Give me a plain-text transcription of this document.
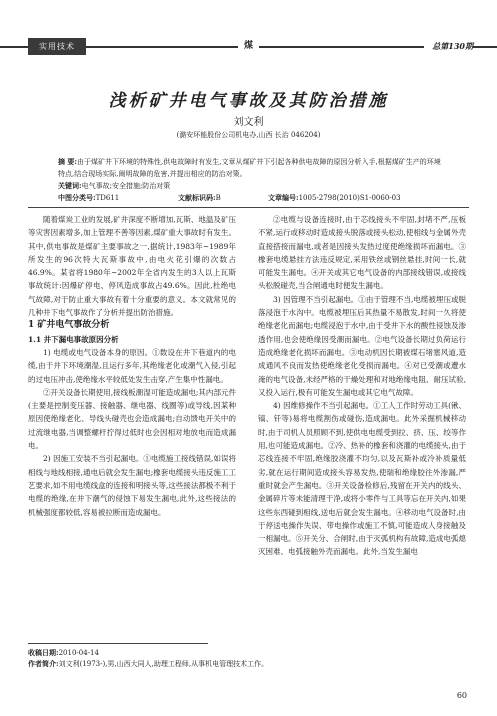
实用技术	煤	总第130期
浅析矿井电气事故及其防治措施
刘文利
(潞安环能股份公司机电办,山西 长治 046204)
摘 要:由于煤矿井下环境的特殊性,供电故障时有发生,文章从煤矿井下引起各种供电故障的原因分析入手,根据煤矿生产的环境特点,结合现场实际,阐明故障的危害,并提出相应的防治对策。
关键词:电气事故;安全措施;防治对策
中图分类号:TD611	文献标识码:B	文章编号:1005-2798(2010)S1-0060-03

随着煤炭工业的发展,矿井深度不断增加,瓦斯、地温及矿压等灾害因素增多,加上管理不善等因素,煤矿重大事故时有发生。其中,供电事故是煤矿主要事故之一,据统计,1983年~1989年所发生的96次特大瓦斯事故中,由电火花引爆的次数占46.9%。某省将1980年~2002年全省内发生的3人以上瓦斯事故统计:因爆矿停电、停风造成事故占49.6%。因此,杜绝电气故障,对于防止重大事故有着十分重要的意义。本文就常见的几种井下电气事故作了分析并提出防治措施。

1 矿井电气事故分析

1.1 井下漏电事故原因分析

1) 电缆或电气设备本身的原因。①数设在井下巷道内的电缆,由于井下环境潮湿,且运行多年,其绝缘老化或潮气入侵,引起的过电压冲击,使绝缘水平较低处发生击穿,产生集中性漏电。

②开关设备长期使用,接线板潮湿可能造成漏电;其内部元件(主要是控制变压器、接触器、继电器、线圈等)或导线,因某种原因使绝缘老化、导线头碰壳也会造成漏电;自动馈电开关中的过流继电器,当调整螺杆拧得过低时也会因相对地放电而造成漏电。

2) 因施工安装不当引起漏电。①电缆施工接线错误,如误将相线与地线相接,通电后就会发生漏电;橡套电缆接头违反施工工艺要求,如不用电缆线盒的连接和明接头等,这些接法都极不利于电缆的绝缘,在井下潮气的侵蚀下易发生漏电,此外,这些接法的机械强度都较低,容易被拉断而造成漏电。

②电缆与设备连接时,由于芯线接头不牢固,封堵不严,压板不紧,运行或移动时造成接头脱落或接头松动,使相线与金属外壳直接搭接而漏电,或者是因接头发热过度使绝缘损坏而漏电。③橡套电缆悬挂方法违反规定,采用铁丝或钢丝悬挂,时间一长,就可能发生漏电。④开关或其它电气设备的内部接线错误,或接线头松脱碰壳,当合闸通电时便发生漏电。

3) 因管理不当引起漏电。①由于管理不当,电缆被埋压或脱落浸泡于水沟中。电缆被埋压后其热量不易散发,时间一久将使绝缘老化而漏电;电缆浸泡于水中,由于受井下水的酸性侵蚀及渗透作用,也会使绝缘因受潮而漏电。②电气设备长期过负荷运行造成绝缘老化损坏而漏电。③电动机因长期被煤石堵塞风道,造成通风不良而发热使绝缘老化受损而漏电。④对已受潮或遭水淹的电气设备,未经严格的干燥处理和对地绝缘电阻、耐压试验,又投入运行,极有可能发生漏电或其它电气故障。

4) 因维修操作不当引起漏电。①工人工作时劳动工具(锹、镐、钎等)易将电缆割伤或碰伤,造成漏电。此外采掘机械移动时,由于司机人员照顾不到,使供电电缆受到拉、挤、压、绞等作用,也可能造成漏电。②冷、热补的橡套和浇灌的电缆接头,由于芯线连接不牢固,绝缘胶浇灌不均匀,以及瓦斯补或冷补质量低劣,就在运行期间造成接头容易发热,使瑞和绝缘胶往外渗漏,严重时就会产生漏电。③开关设备检修后,残留在开关内的线头、金属碎片等未能清理干净,或将小零件与工具等忘在开关内,如果这些东西碰到相线,送电后就会发生漏电。④移动电气设备时,由于停送电操作失误、带电操作或施工不慎,可能造成人身接触及一相漏电。⑤开关分、合闸时,由于灭弧机构有故障,造成电弧熄灭困难、电弧接触外壳而漏电。此外,当发生漏电

收稿日期:2010-04-14
作者简介:刘文利(1973-),男,山西大同人,助理工程师,从事机电管理技术工作。
60
